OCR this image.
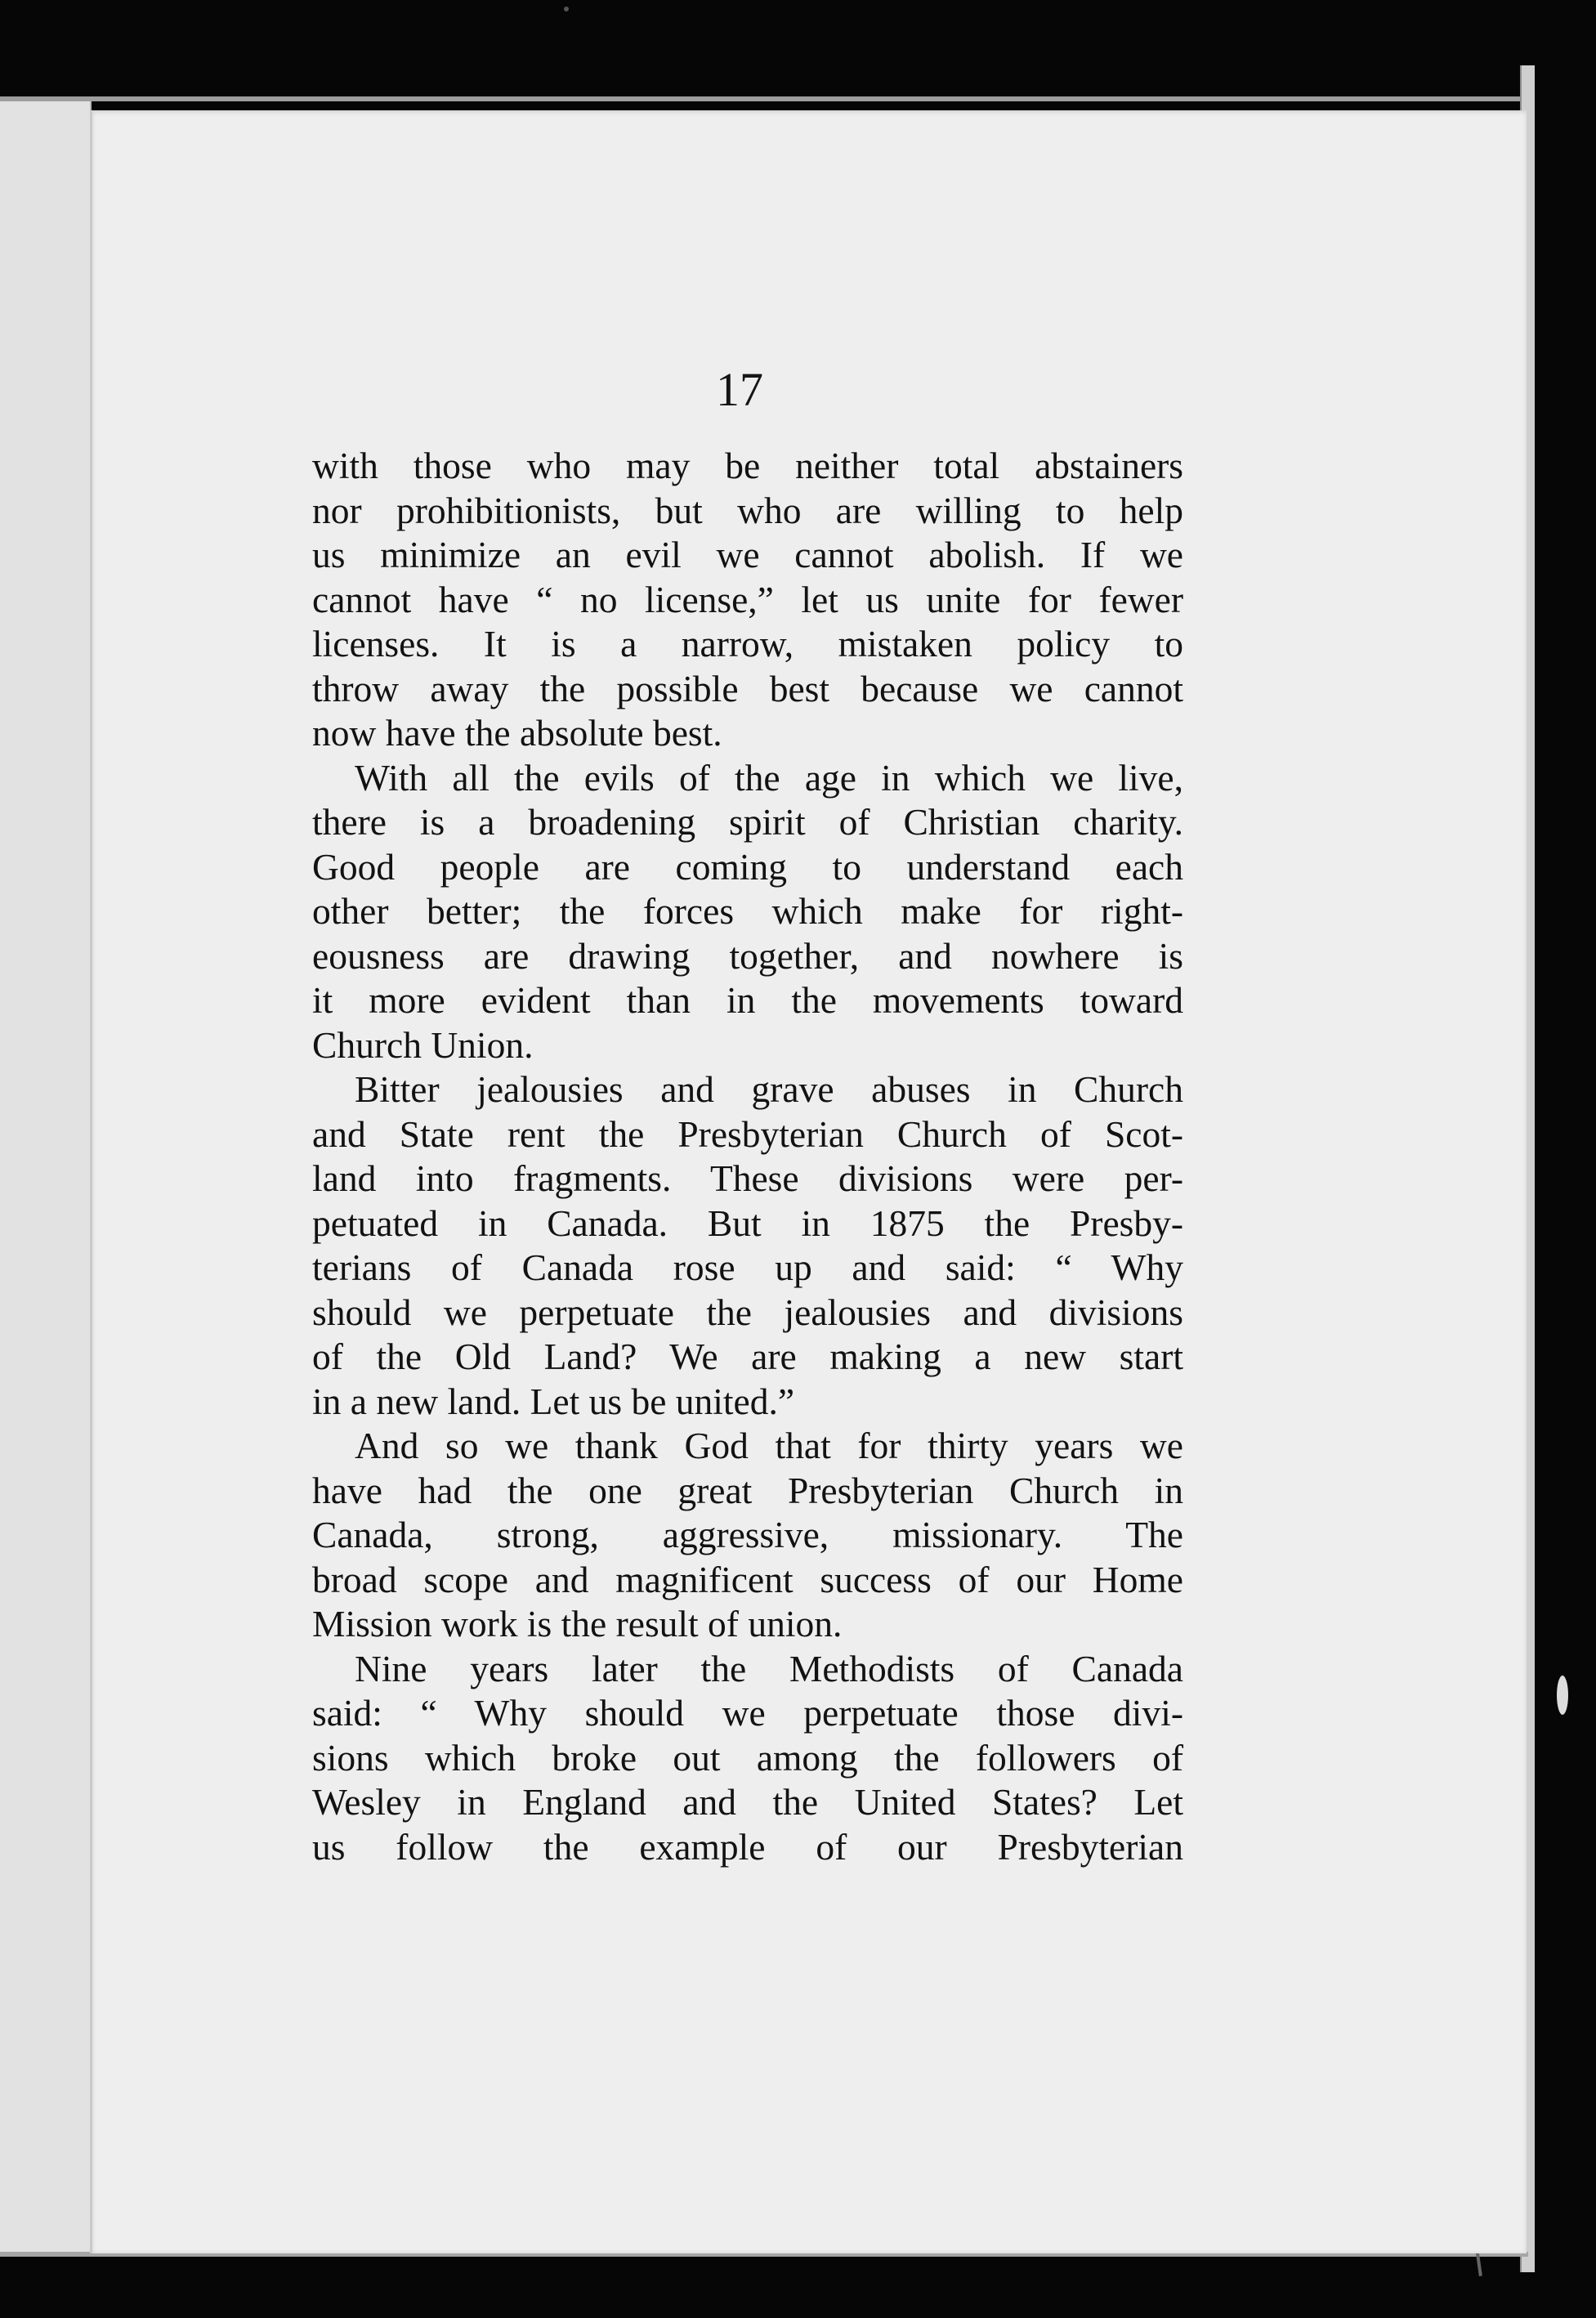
17
with those who may be neither total abstainers
nor prohibitionists, but who are willing to help
us minimize an evil we cannot abolish. If we
cannot have “ no license,” let us unite for fewer
licenses. It is a narrow, mistaken policy to
throw away the possible best because we cannot
now have the absolute best.
With all the evils of the age in which we live,
there is a broadening spirit of Christian charity.
Good people are coming to understand each
other better; the forces which make for right-
eousness are drawing together, and nowhere is
it more evident than in the movements toward
Church Union.
Bitter jealousies and grave abuses in Church
and State rent the Presbyterian Church of Scot-
land into fragments. These divisions were per-
petuated in Canada. But in 1875 the Presby-
terians of Canada rose up and said: “ Why
should we perpetuate the jealousies and divisions
of the Old Land? We are making a new start
in a new land. Let us be united.”
And so we thank God that for thirty years we
have had the one great Presbyterian Church in
Canada, strong, aggressive, missionary. The
broad scope and magnificent success of our Home
Mission work is the result of union.
Nine years later the Methodists of Canada
said: “ Why should we perpetuate those divi-
sions which broke out among the followers of
Wesley in England and the United States? Let
us follow the example of our Presbyterian
